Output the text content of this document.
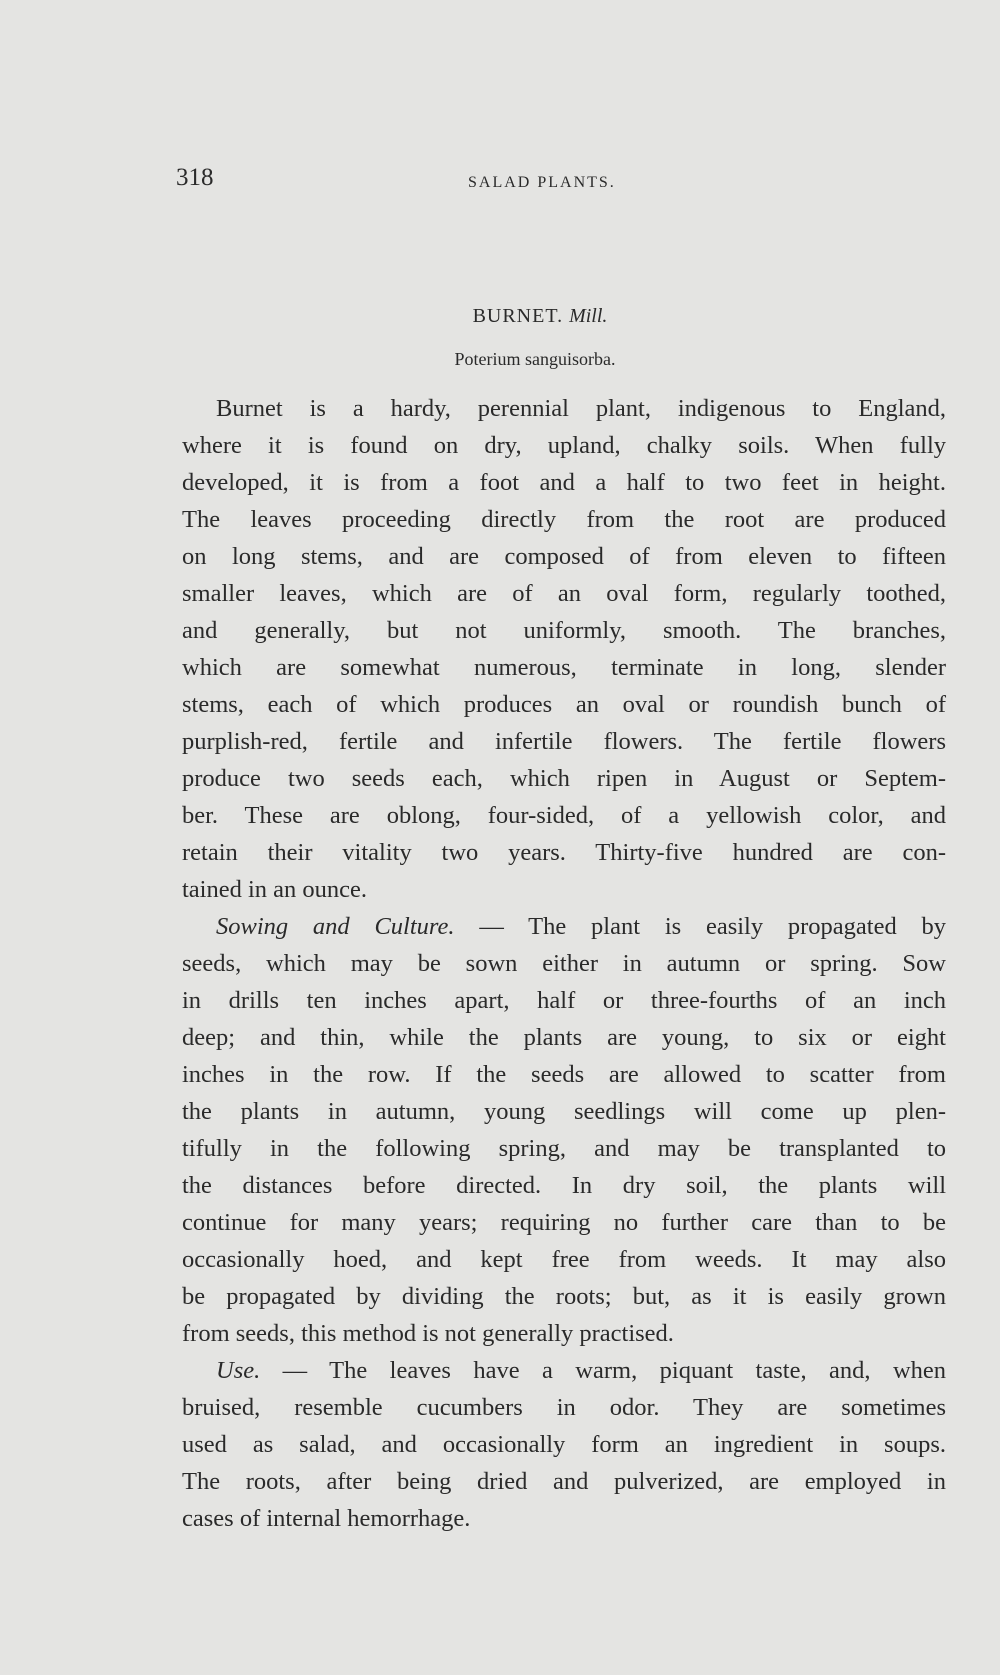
318	SALAD PLANTS.
BURNET. Mill.
Poterium sanguisorba.
Burnet is a hardy, perennial plant, indigenous to England,
where it is found on dry, upland, chalky soils. When fully
developed, it is from a foot and a half to two feet in height.
The leaves proceeding directly from the root are produced
on long stems, and are composed of from eleven to fifteen
smaller leaves, which are of an oval form, regularly toothed,
and generally, but not uniformly, smooth. The branches,
which are somewhat numerous, terminate in long, slender
stems, each of which produces an oval or roundish bunch of
purplish-red, fertile and infertile flowers. The fertile flowers
produce two seeds each, which ripen in August or Septem-
ber. These are oblong, four-sided, of a yellowish color, and
retain their vitality two years. Thirty-five hundred are con-
tained in an ounce.
Sowing and Culture. — The plant is easily propagated by
seeds, which may be sown either in autumn or spring. Sow
in drills ten inches apart, half or three-fourths of an inch
deep; and thin, while the plants are young, to six or eight
inches in the row. If the seeds are allowed to scatter from
the plants in autumn, young seedlings will come up plen-
tifully in the following spring, and may be transplanted to
the distances before directed. In dry soil, the plants will
continue for many years; requiring no further care than to be
occasionally hoed, and kept free from weeds. It may also
be propagated by dividing the roots; but, as it is easily grown
from seeds, this method is not generally practised.
Use. — The leaves have a warm, piquant taste, and, when
bruised, resemble cucumbers in odor. They are sometimes
used as salad, and occasionally form an ingredient in soups.
The roots, after being dried and pulverized, are employed in
cases of internal hemorrhage.
